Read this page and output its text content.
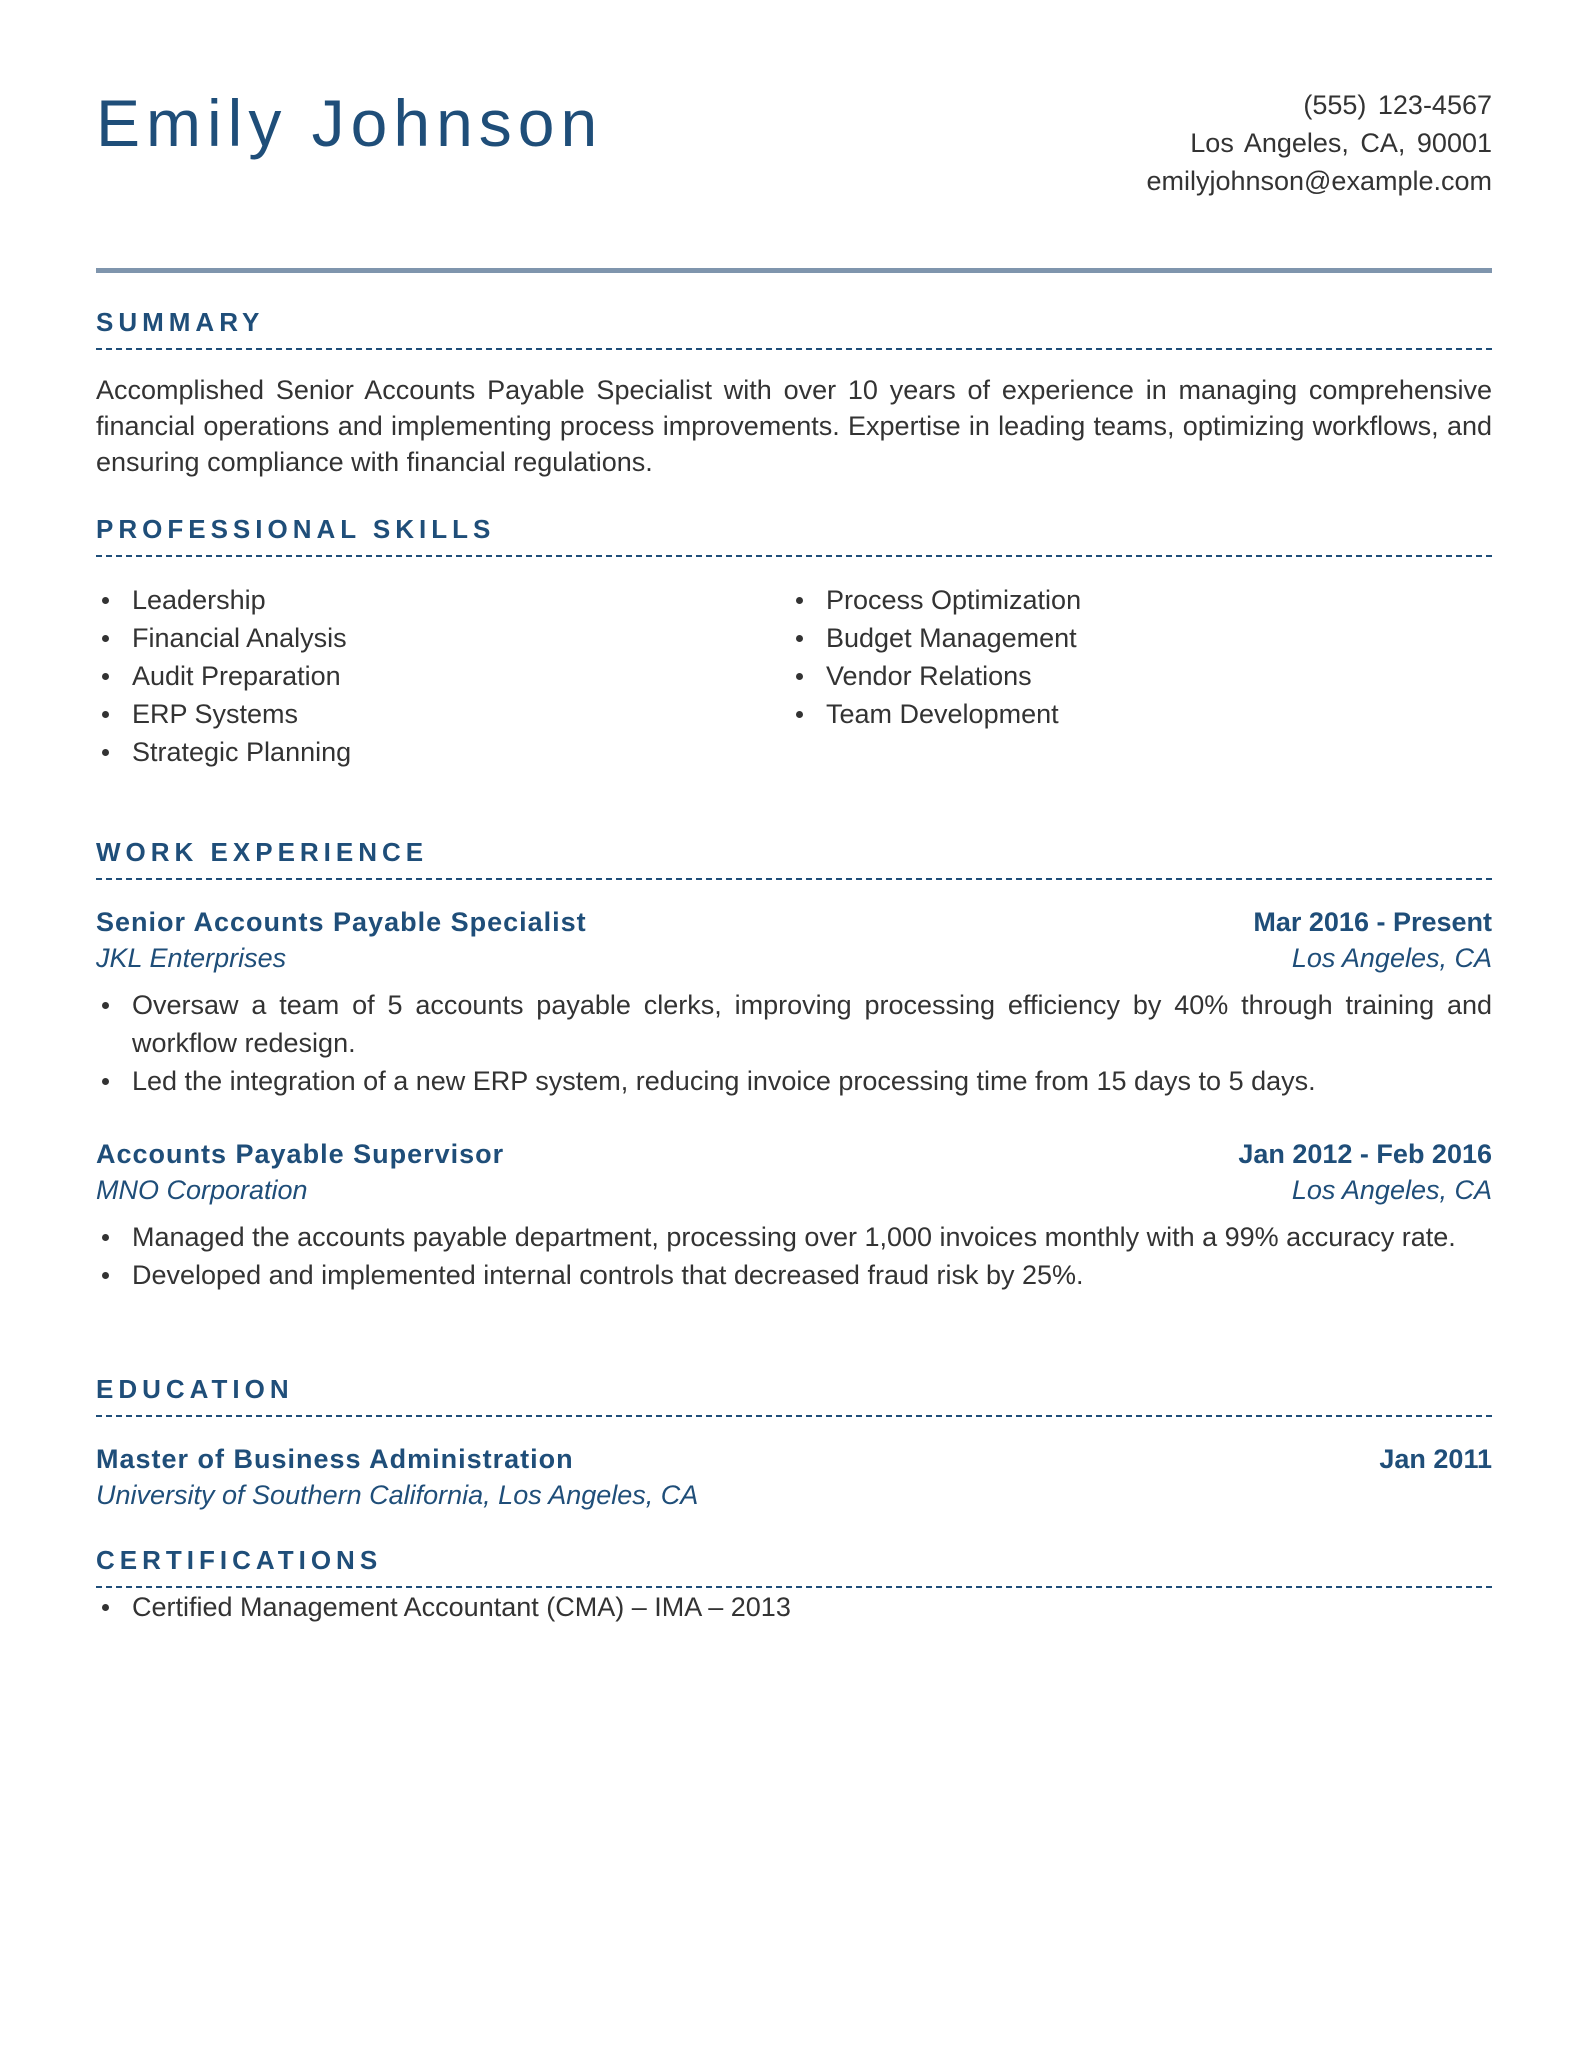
Emily Johnson	(555) 123-4567
Los Angeles, CA, 90001
emilyjohnson@example.com
SUMMARY

Accomplished Senior Accounts Payable Specialist with over 10 years of experience in managing comprehensive financial operations and implementing process improvements. Expertise in leading teams, optimizing workflows, and ensuring compliance with financial regulations.

PROFESSIONAL SKILLS
Leadership
Financial Analysis
Audit Preparation
ERP Systems
Strategic Planning
Process Optimization
Budget Management
Vendor Relations
Team Development
WORK EXPERIENCE
Senior Accounts Payable Specialist	Mar 2016 - Present
JKL Enterprises	Los Angeles, CA
Oversaw a team of 5 accounts payable clerks, improving processing efficiency by 40% through training and workflow redesign.
Led the integration of a new ERP system, reducing invoice processing time from 15 days to 5 days.
Accounts Payable Supervisor	Jan 2012 - Feb 2016
MNO Corporation	Los Angeles, CA
Managed the accounts payable department, processing over 1,000 invoices monthly with a 99% accuracy rate.
Developed and implemented internal controls that decreased fraud risk by 25%.
EDUCATION
Master of Business Administration	Jan 2011
University of Southern California, Los Angeles, CA
CERTIFICATIONS
Certified Management Accountant (CMA) – IMA – 2013
